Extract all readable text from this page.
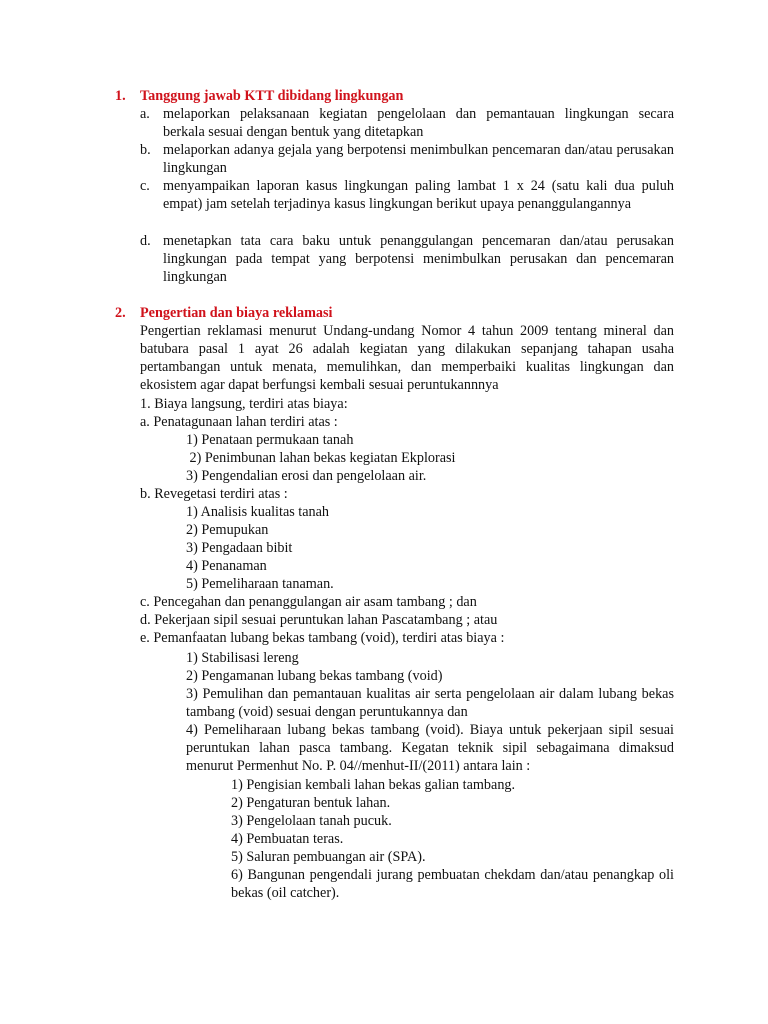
1. Tanggung jawab KTT dibidang lingkungan
a. melaporkan pelaksanaan kegiatan pengelolaan dan pemantauan lingkungan secara berkala sesuai dengan bentuk yang ditetapkan
b. melaporkan adanya gejala yang berpotensi menimbulkan pencemaran dan/atau perusakan lingkungan
c. menyampaikan laporan kasus lingkungan paling lambat 1 x 24 (satu kali dua puluh empat) jam setelah terjadinya kasus lingkungan berikut upaya penanggulangannya
d. menetapkan tata cara baku untuk penanggulangan pencemaran dan/atau perusakan lingkungan pada tempat yang berpotensi menimbulkan perusakan dan pencemaran lingkungan
2. Pengertian dan biaya reklamasi
Pengertian reklamasi menurut Undang-undang Nomor 4 tahun 2009 tentang mineral dan batubara pasal 1 ayat 26 adalah kegiatan yang dilakukan sepanjang tahapan usaha pertambangan untuk menata, memulihkan, dan memperbaiki kualitas lingkungan dan ekosistem agar dapat berfungsi kembali sesuai peruntukannnya
1. Biaya langsung, terdiri atas biaya:
a. Penatagunaan lahan terdiri atas :
1) Penataan permukaan tanah
2) Penimbunan lahan bekas kegiatan Ekplorasi
3) Pengendalian erosi dan pengelolaan air.
b. Revegetasi terdiri atas :
1) Analisis kualitas tanah
2) Pemupukan
3) Pengadaan bibit
4) Penanaman
5) Pemeliharaan tanaman.
c. Pencegahan dan penanggulangan air asam tambang ; dan
d. Pekerjaan sipil sesuai peruntukan lahan Pascatambang ; atau
e. Pemanfaatan lubang bekas tambang (void), terdiri atas biaya :
1) Stabilisasi lereng
2) Pengamanan lubang bekas tambang (void)
3) Pemulihan dan pemantauan kualitas air serta pengelolaan air dalam lubang bekas tambang (void) sesuai dengan peruntukannya dan
4) Pemeliharaan lubang bekas tambang (void). Biaya untuk pekerjaan sipil sesuai peruntukan lahan pasca tambang. Kegatan teknik sipil sebagaimana dimaksud menurut Permenhut No. P. 04//menhut-II/(2011) antara lain :
1) Pengisian kembali lahan bekas galian tambang.
2) Pengaturan bentuk lahan.
3) Pengelolaan tanah pucuk.
4) Pembuatan teras.
5) Saluran pembuangan air (SPA).
6) Bangunan pengendali jurang pembuatan chekdam dan/atau penangkap oli bekas (oil catcher).
